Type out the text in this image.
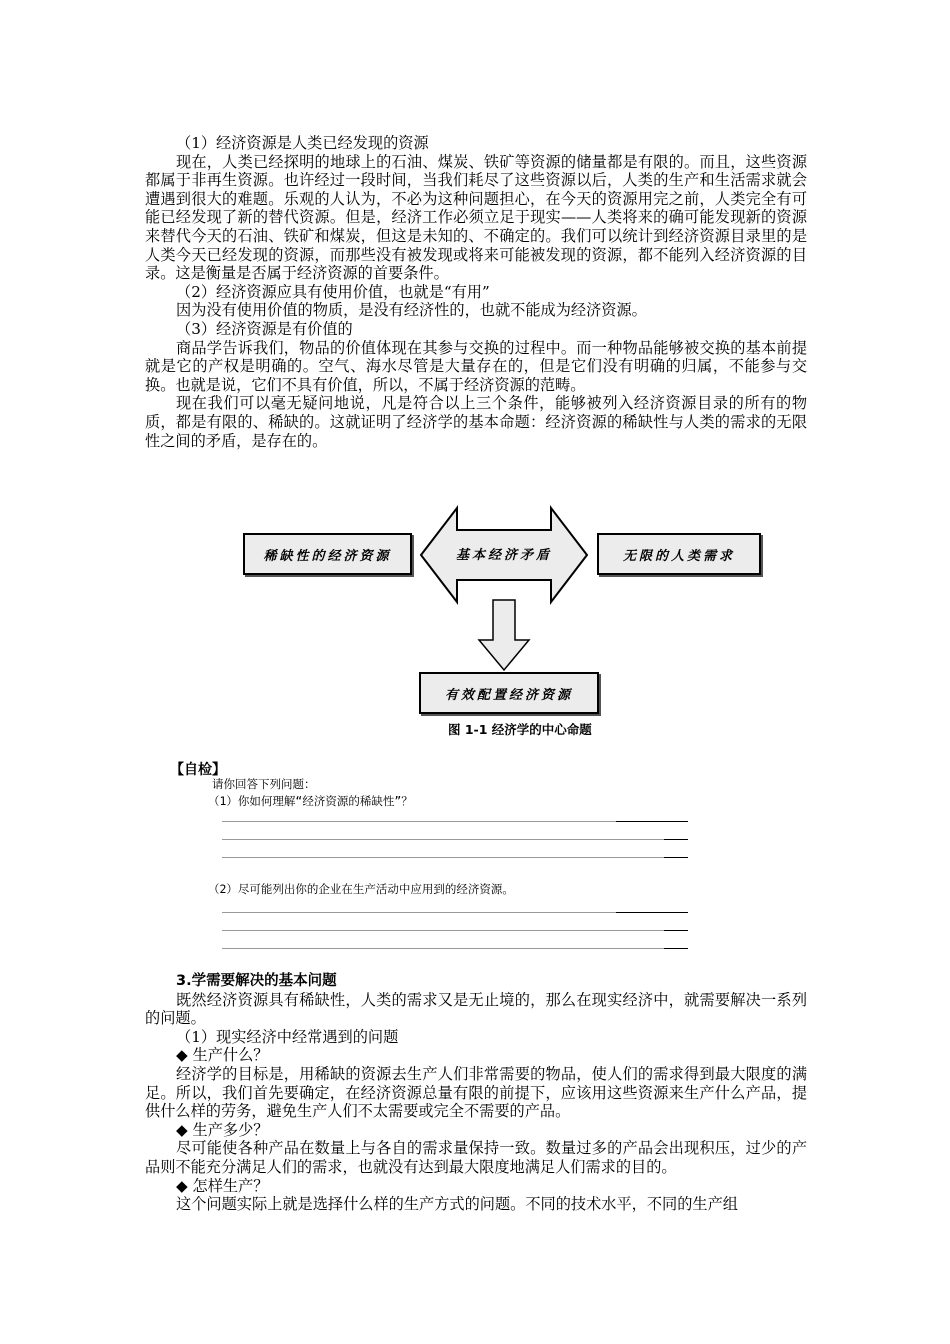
（1）经济资源是人类已经发现的资源

现在，人类已经探明的地球上的石油、煤炭、铁矿等资源的储量都是有限的。而且，这些资源都属于非再生资源。也许经过一段时间，当我们耗尽了这些资源以后，人类的生产和生活需求就会遭遇到很大的难题。乐观的人认为，不必为这种问题担心，在今天的资源用完之前，人类完全有可能已经发现了新的替代资源。但是，经济工作必须立足于现实——人类将来的确可能发现新的资源来替代今天的石油、铁矿和煤炭，但这是未知的、不确定的。我们可以统计到经济资源目录里的是人类今天已经发现的资源，而那些没有被发现或将来可能被发现的资源，都不能列入经济资源的目录。这是衡量是否属于经济资源的首要条件。

（2）经济资源应具有使用价值，也就是“有用”

因为没有使用价值的物质，是没有经济性的，也就不能成为经济资源。

（3）经济资源是有价值的

商品学告诉我们，物品的价值体现在其参与交换的过程中。而一种物品能够被交换的基本前提就是它的产权是明确的。空气、海水尽管是大量存在的，但是它们没有明确的归属，不能参与交换。也就是说，它们不具有价值，所以，不属于经济资源的范畴。

现在我们可以毫无疑问地说，凡是符合以上三个条件，能够被列入经济资源目录的所有的物质，都是有限的、稀缺的。这就证明了经济学的基本命题：经济资源的稀缺性与人类的需求的无限性之间的矛盾，是存在的。

稀缺性的经济资源	基本经济矛盾	无限的人类需求
有效配置经济资源
图 1-1 经济学的中心命题
【自检】
请你回答下列问题：
（1）你如何理解“经济资源的稀缺性”？
（2）尽可能列出你的企业在生产活动中应用到的经济资源。

3.学需要解决的基本问题

既然经济资源具有稀缺性，人类的需求又是无止境的，那么在现实经济中，就需要解决一系列的问题。

（1）现实经济中经常遇到的问题

◆ 生产什么？

经济学的目标是，用稀缺的资源去生产人们非常需要的物品，使人们的需求得到最大限度的满足。所以，我们首先要确定，在经济资源总量有限的前提下，应该用这些资源来生产什么产品，提供什么样的劳务，避免生产人们不太需要或完全不需要的产品。

◆ 生产多少？

尽可能使各种产品在数量上与各自的需求量保持一致。数量过多的产品会出现积压，过少的产品则不能充分满足人们的需求，也就没有达到最大限度地满足人们需求的目的。

◆ 怎样生产？

这个问题实际上就是选择什么样的生产方式的问题。不同的技术水平，不同的生产组
